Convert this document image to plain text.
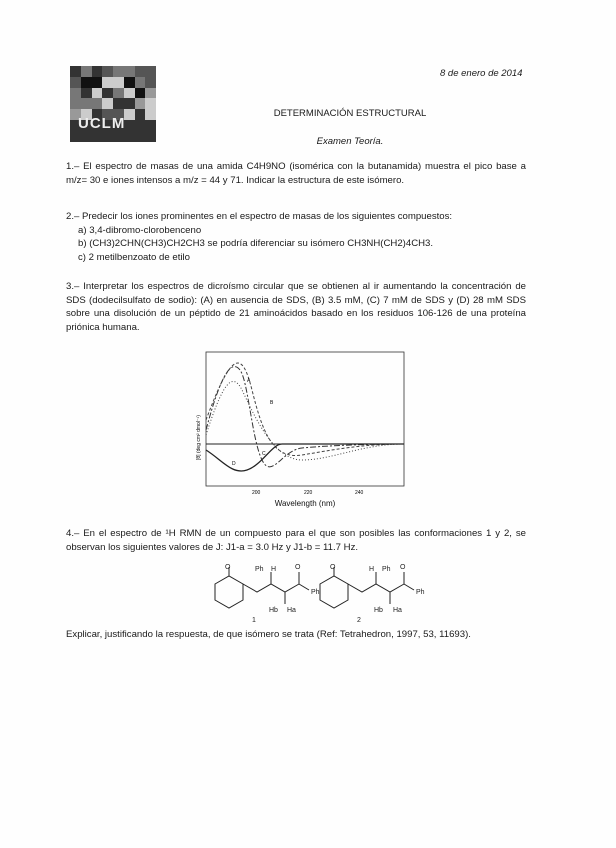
UCLM
8 de enero de 2014
DETERMINACIÓN ESTRUCTURAL
Examen Teoría.
1.– El espectro de masas de una amida C4H9NO (isomérica con la butanamida) muestra el pico base a m/z= 30 e iones intensos a m/z = 44 y 71. Indicar la estructura de este isómero.
2.– Predecir los iones prominentes en el espectro de masas de los siguientes compuestos:
a) 3,4-dibromo-clorobenceno
b) (CH3)2CHN(CH3)CH2CH3 se podría diferenciar su isómero CH3NH(CH2)4CH3.
c) 2 metilbenzoato de etilo
3.– Interpretar los espectros de dicroísmo circular que se obtienen al ir aumentando la concentración de SDS (dodecilsulfato de sodio): (A) en ausencia de SDS, (B) 3.5 mM, (C) 7 mM de SDS y (D) 28 mM SDS sobre una disolución de un péptido de 21 aminoácidos basado en los residuos 106-126 de una proteína priónica humana.
A
B
C
D
200	220	240
Wavelength (nm)
[θ] (deg cm² dmol⁻¹)
4.– En el espectro de ¹H RMN de un compuesto para el que son posibles las conformaciones 1 y 2, se observan los siguientes valores de J: J1-a = 3.0 Hz y J1-b = 11.7 Hz.
O	Ph H	O
Ph
Hb Ha
O	H Ph O
Ph
Hb Ha
1	2
Explicar, justificando la respuesta, de que isómero se trata (Ref: Tetrahedron, 1997, 53, 11693).
